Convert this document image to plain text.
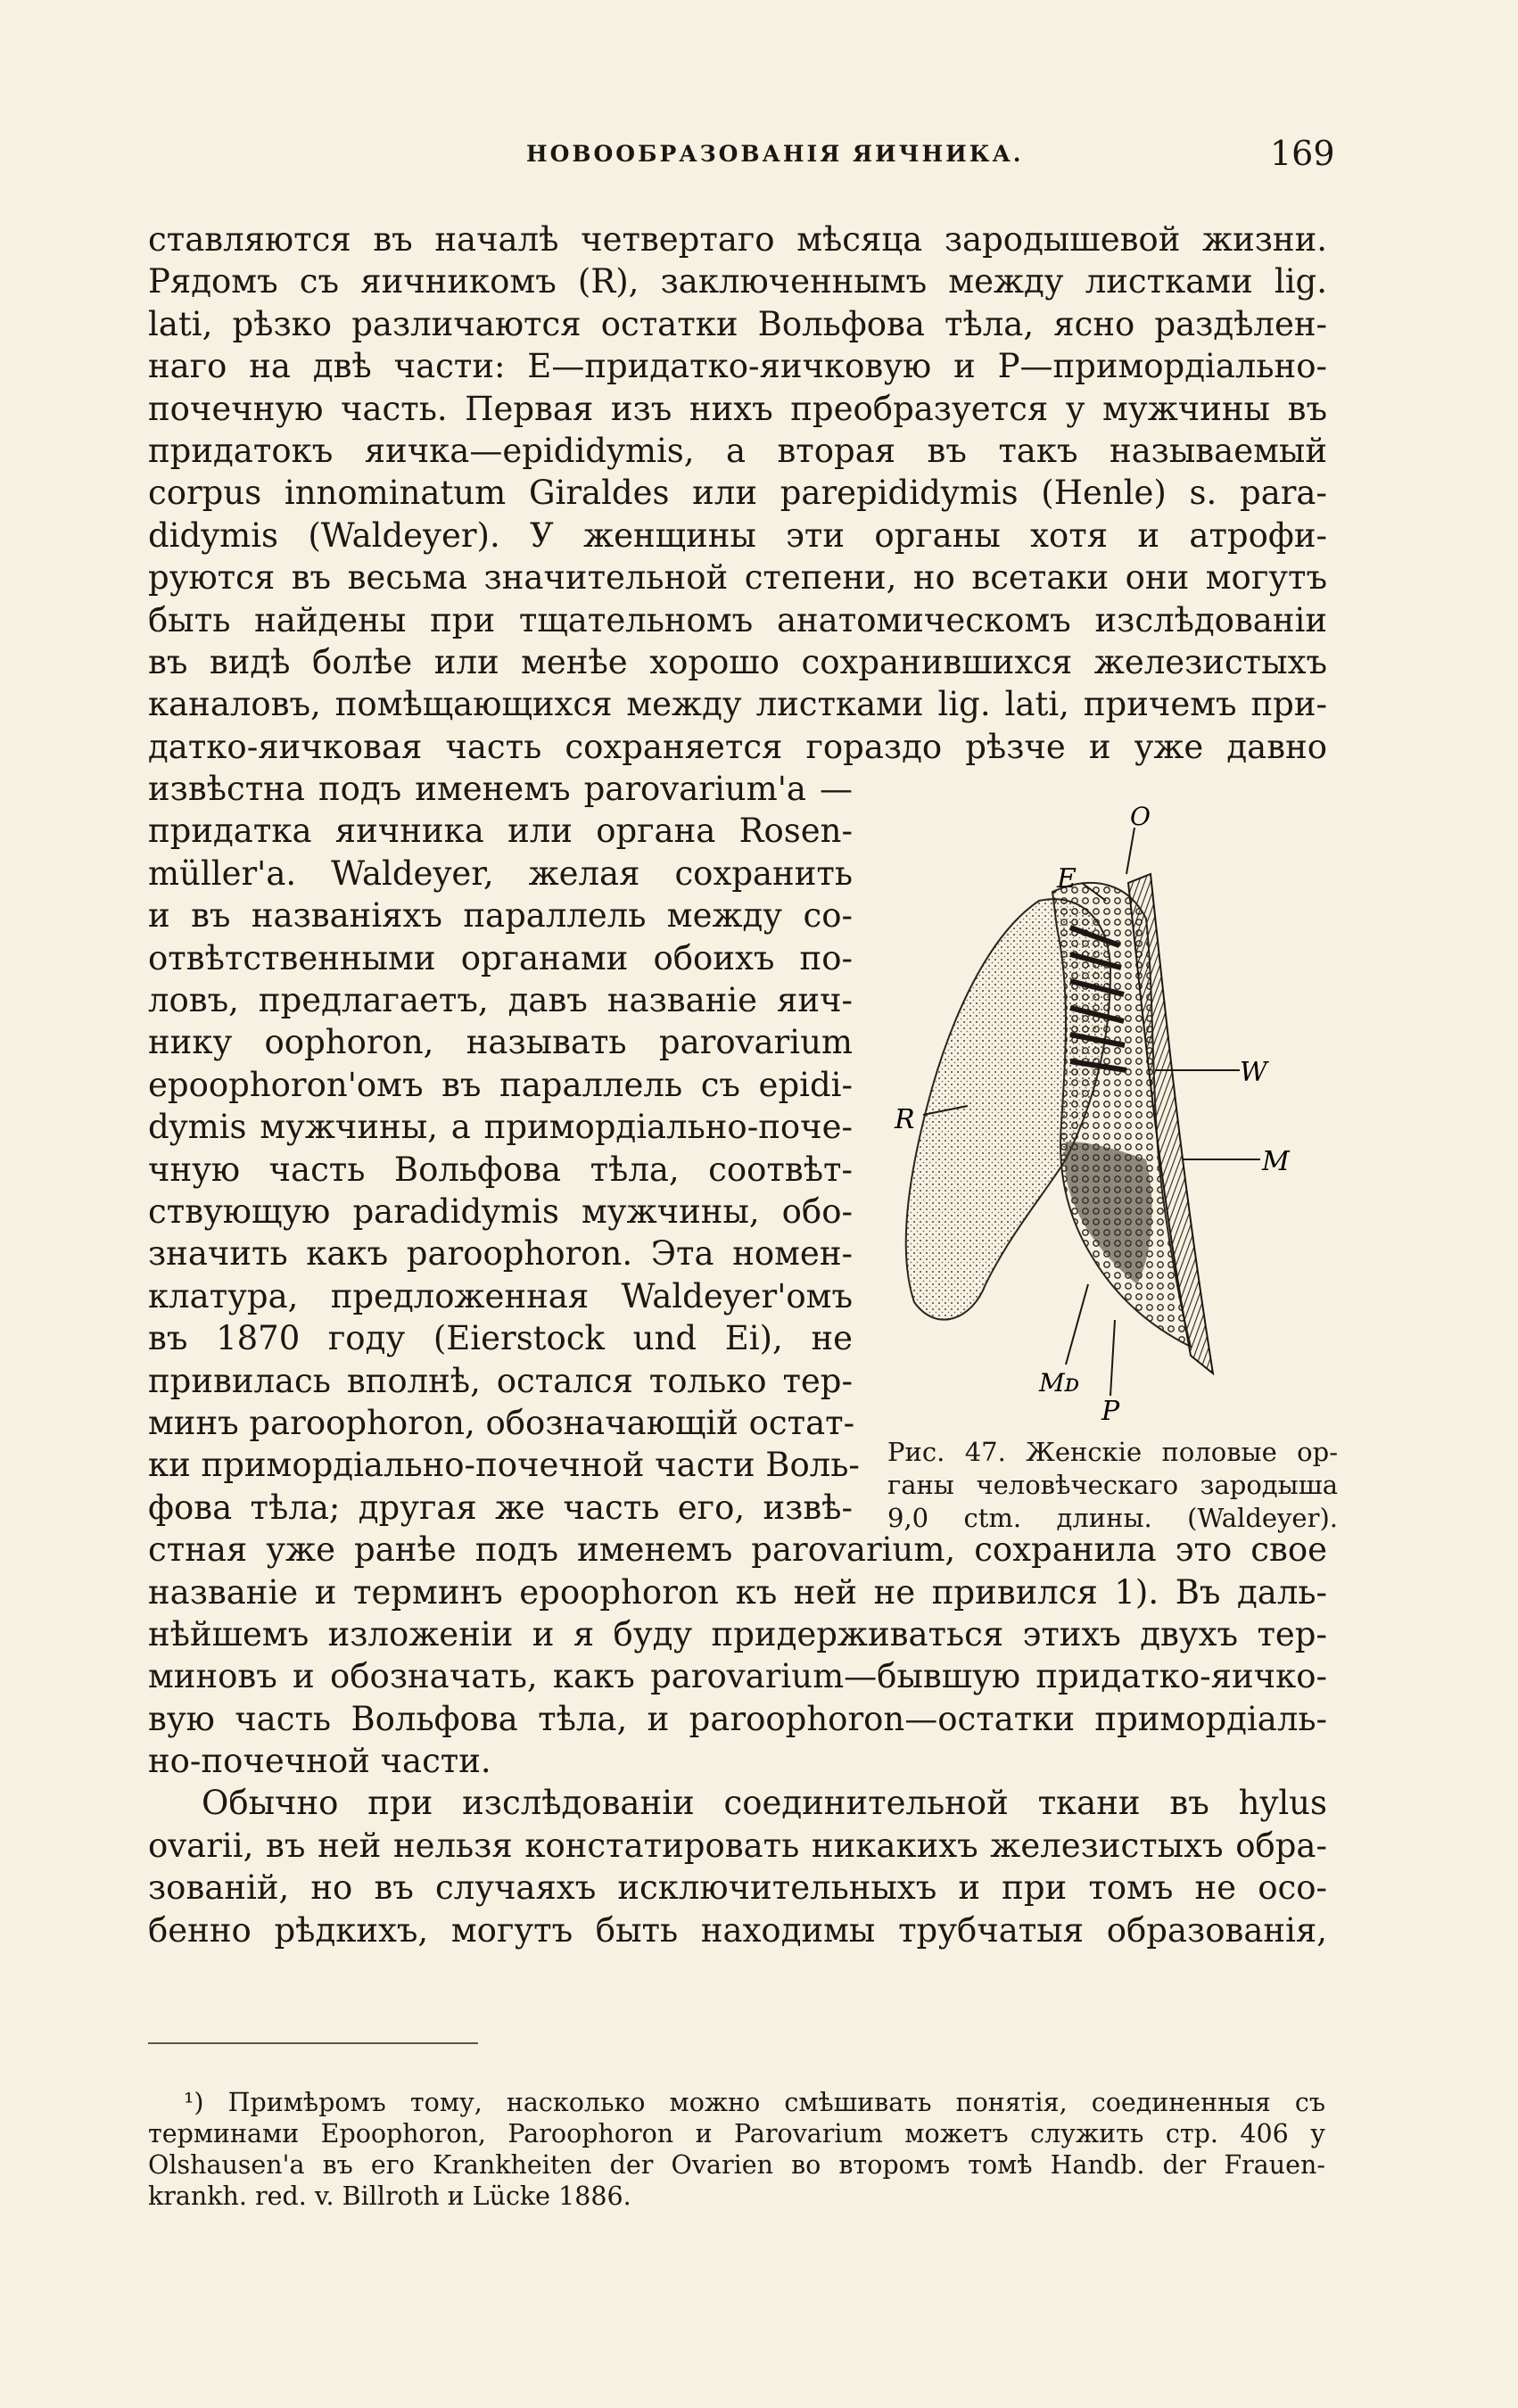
НОВООБРАЗОВАНІЯ ЯИЧНИКА.	169
ставляются въ началѣ четвертаго мѣсяца зародышевой жизни.
Рядомъ съ яичникомъ (R), заключеннымъ между листками lig.
lati, рѣзко различаются остатки Вольфова тѣла, ясно раздѣлен-
наго на двѣ части: E—придатко-яичковую и P—примордіально-
почечную часть. Первая изъ нихъ преобразуется у мужчины въ
придатокъ яичка—epididymis, а вторая въ такъ называемый
corpus innominatum Giraldes или parepididymis (Henle) s. para-
didymis (Waldeyer). У женщины эти органы хотя и атрофи-
руются въ весьма значительной степени, но всетаки они могутъ
быть найдены при тщательномъ анатомическомъ изслѣдованіи
въ видѣ болѣе или менѣе хорошо сохранившихся железистыхъ
каналовъ, помѣщающихся между листками lig. lati, причемъ при-
датко-яичковая часть сохраняется гораздо рѣзче и уже давно
извѣстна подъ именемъ parovarium'a —
придатка яичника или органа Rosen-
müller'a. Waldeyer, желая сохранить
и въ названіяхъ параллель между со-
отвѣтственными органами обоихъ по-
ловъ, предлагаетъ, давъ названіе яич-
нику oophoron, называть parovarium
epoophoron'омъ въ параллель съ epidi-
dymis мужчины, а примордіально-поче-
чную часть Вольфова тѣла, соотвѣт-
ствующую paradidymis мужчины, обо-
значить какъ paroophoron. Эта номен-
клатура, предложенная Waldeyer'омъ
въ 1870 году (Eierstock und Ei), не
привилась вполнѣ, остался только тер-
минъ paroophoron, обозначающій остат-
ки примордіально-почечной части Воль-
фова тѣла; другая же часть его, извѣ-
стная уже ранѣе подъ именемъ parovarium, сохранила это свое
названіе и терминъ epoophoron къ ней не привился 1). Въ даль-
нѣйшемъ изложеніи и я буду придерживаться этихъ двухъ тер-
миновъ и обозначать, какъ parovarium—бывшую придатко-яичко-
вую часть Вольфова тѣла, и paroophoron—остатки примордіаль-
но-почечной части.
Обычно при изслѣдованіи соединительной ткани въ hylus
ovarii, въ ней нельзя констатировать никакихъ железистыхъ обра-
зованій, но въ случаяхъ исключительныхъ и при томъ не осо-
бенно рѣдкихъ, могутъ быть находимы трубчатыя образованія,
O
E
W
R
M
Mᴅ
P
Рис. 47. Женскіе половые ор-
ганы человѣческаго зародыша
9,0 ctm. длины. (Waldeyer).
¹) Примѣромъ тому, насколько можно смѣшивать понятія, соединенныя съ
терминами Epoophoron, Paroophoron и Parovarium можетъ служить стр. 406 у
Olshausen'a въ его Krankheiten der Ovarien во второмъ томѣ Handb. der Frauen-
krankh. red. v. Billroth и Lücke 1886.
